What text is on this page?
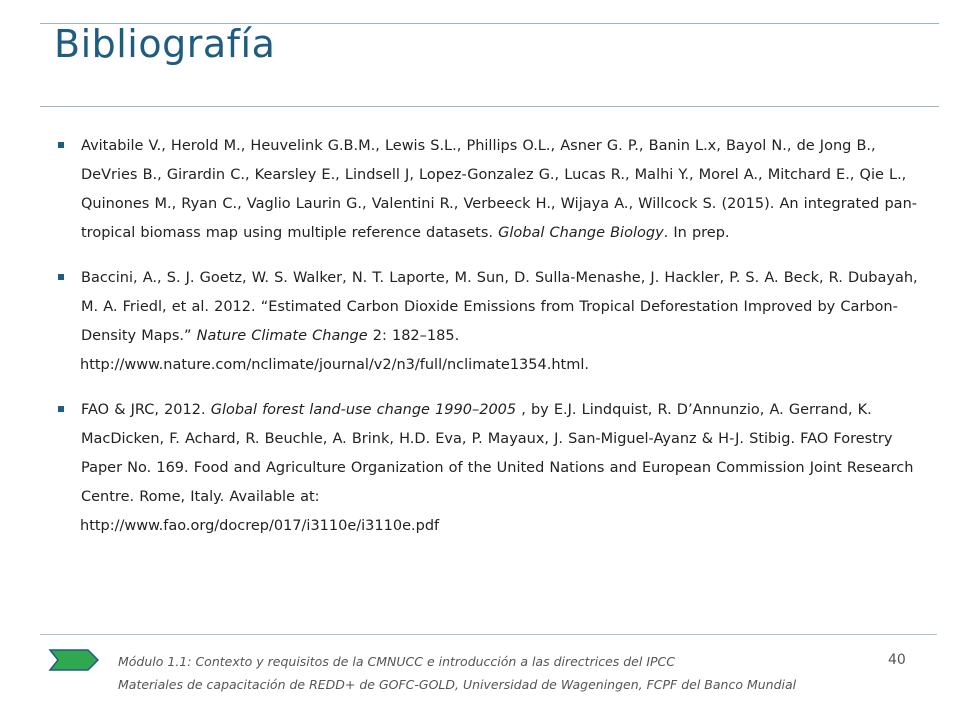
Bibliografía

Avitabile V., Herold M., Heuvelink G.B.M., Lewis S.L., Phillips O.L., Asner G. P., Banin L.x, Bayol N., de Jong B., DeVries B., Girardin C., Kearsley E., Lindsell J, Lopez-Gonzalez G., Lucas R., Malhi Y., Morel A., Mitchard E., Qie L., Quinones M., Ryan C., Vaglio Laurin G., Valentini R., Verbeeck H., Wijaya A., Willcock S. (2015). An integrated pan-tropical biomass map using multiple reference datasets. Global Change Biology. In prep.

Baccini, A., S. J. Goetz, W. S. Walker, N. T. Laporte, M. Sun, D. Sulla-Menashe, J. Hackler, P. S. A. Beck, R. Dubayah, M. A. Friedl, et al. 2012. “Estimated Carbon Dioxide Emissions from Tropical Deforestation Improved by Carbon-Density Maps.” Nature Climate Change 2: 182–185.

http://www.nature.com/nclimate/journal/v2/n3/full/nclimate1354.html.

FAO & JRC, 2012. Global forest land-use change 1990–2005 , by E.J. Lindquist, R. D’Annunzio, A. Gerrand, K. MacDicken, F. Achard, R. Beuchle, A. Brink, H.D. Eva, P. Mayaux, J. San-Miguel-Ayanz & H-J. Stibig. FAO Forestry Paper No. 169. Food and Agriculture Organization of the United Nations and European Commission Joint Research Centre. Rome, Italy. Available at:

http://www.fao.org/docrep/017/i3110e/i3110e.pdf
Módulo 1.1: Contexto y requisitos de la CMNUCC e introducción a las directrices del IPCC
Materiales de capacitación de REDD+ de GOFC-GOLD, Universidad de Wageningen, FCPF del Banco Mundial
40
